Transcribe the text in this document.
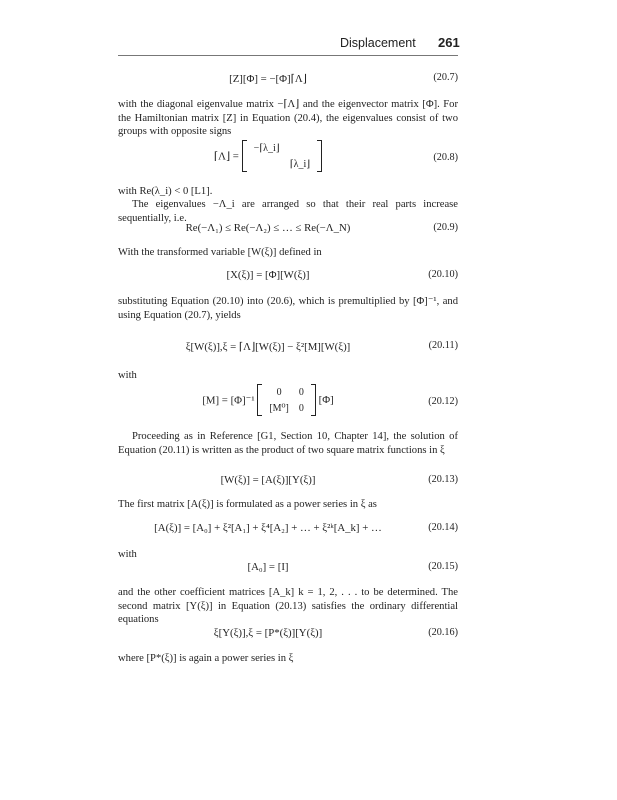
Displacement 261
[Z][Φ] = −[Φ]⌈Λ⌋	(20.7)

with the diagonal eigenvalue matrix −⌈Λ⌋ and the eigenvector matrix [Φ]. For the Hamiltonian matrix [Z] in Equation (20.4), the eigenvalues consist of two groups with opposite signs

⌈Λ⌋ =
−⌈λ_i⌋	
	⌈λ_i⌋
(20.8)

with Re(λ_i) < 0 [L1].

The eigenvalues −Λ_i are arranged so that their real parts increase sequentially, i.e.

Re(−Λ₁) ≤ Re(−Λ₂) ≤ … ≤ Re(−Λ_N)	(20.9)

With the transformed variable [W(ξ)] defined in

[X(ξ)] = [Φ][W(ξ)]	(20.10)

substituting Equation (20.10) into (20.6), which is premultiplied by [Φ]⁻¹, and using Equation (20.7), yields

ξ[W(ξ)],ξ = ⌈Λ⌋[W(ξ)] − ξ²[M][W(ξ)]	(20.11)

with

[M] = [Φ]⁻¹
0	0
[M⁰]	0
[Φ]	(20.12)

Proceeding as in Reference [G1, Section 10, Chapter 14], the solution of Equation (20.11) is written as the product of two square matrix functions in ξ

[W(ξ)] = [A(ξ)][Y(ξ)]	(20.13)

The first matrix [A(ξ)] is formulated as a power series in ξ as

[A(ξ)] = [A₀] + ξ²[A₁] + ξ⁴[A₂] + … + ξ²ᵏ[A_k] + …	(20.14)

with

[A₀] = [I]	(20.15)

and the other coefficient matrices [A_k] k = 1, 2, . . . to be determined. The second matrix [Y(ξ)] in Equation (20.13) satisfies the ordinary differential equations

ξ[Y(ξ)],ξ = [P*(ξ)][Y(ξ)]	(20.16)

where [P*(ξ)] is again a power series in ξ
